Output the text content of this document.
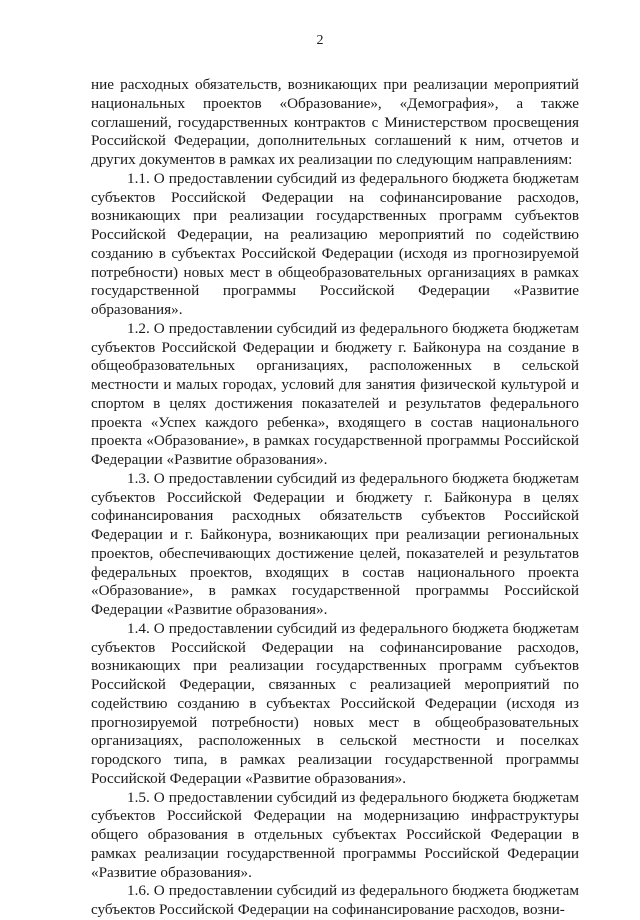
2

ние расходных обязательств, возникающих при реализации мероприятий национальных проектов «Образование», «Демография», а также соглашений, государственных контрактов с Министерством просвещения Российской Федерации, дополнительных соглашений к ним, отчетов и других документов в рамках их реализации по следующим направлениям:

1.1. О предоставлении субсидий из федерального бюджета бюджетам субъектов Российской Федерации на софинансирование расходов, возникающих при реализации государственных программ субъектов Российской Федерации, на реализацию мероприятий по содействию созданию в субъектах Российской Федерации (исходя из прогнозируемой потребности) новых мест в общеобразовательных организациях в рамках государственной программы Российской Федерации «Развитие образования».

1.2. О предоставлении субсидий из федерального бюджета бюджетам субъектов Российской Федерации и бюджету г. Байконура на создание в общеобразовательных организациях, расположенных в сельской местности и малых городах, условий для занятия физической культурой и спортом в целях достижения показателей и результатов федерального проекта «Успех каждого ребенка», входящего в состав национального проекта «Образование», в рамках государственной программы Российской Федерации «Развитие образования».

1.3. О предоставлении субсидий из федерального бюджета бюджетам субъектов Российской Федерации и бюджету г. Байконура в целях софинансирования расходных обязательств субъектов Российской Федерации и г. Байконура, возникающих при реализации региональных проектов, обеспечивающих достижение целей, показателей и результатов федеральных проектов, входящих в состав национального проекта «Образование», в рамках государственной программы Российской Федерации «Развитие образования».

1.4. О предоставлении субсидий из федерального бюджета бюджетам субъектов Российской Федерации на софинансирование расходов, возникающих при реализации государственных программ субъектов Российской Федерации, связанных с реализацией мероприятий по содействию созданию в субъектах Российской Федерации (исходя из прогнозируемой потребности) новых мест в общеобразовательных организациях, расположенных в сельской местности и поселках городского типа, в рамках реализации государственной программы Российской Федерации «Развитие образования».

1.5. О предоставлении субсидий из федерального бюджета бюджетам субъектов Российской Федерации на модернизацию инфраструктуры общего образования в отдельных субъектах Российской Федерации в рамках реализации государственной программы Российской Федерации «Развитие образования».

1.6. О предоставлении субсидий из федерального бюджета бюджетам субъектов Российской Федерации на софинансирование расходов, возни-
